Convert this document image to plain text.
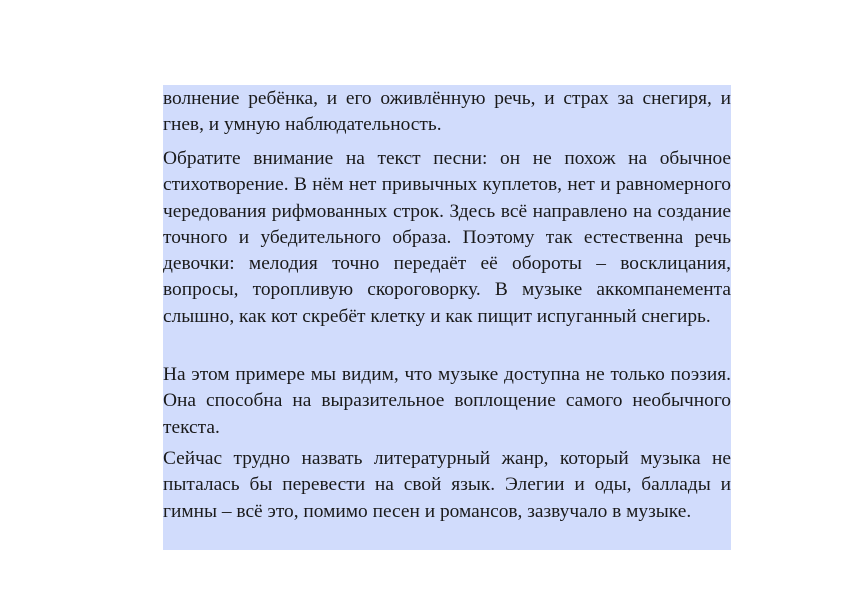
волнение ребёнка, и его оживлённую речь, и страх за снегиря, и гнев, и умную наблюдательность.

Обратите внимание на текст песни: он не похож на обычное стихотворение. В нём нет привычных куплетов, нет и равномерного чередования рифмованных строк. Здесь всё направлено на создание точного и убедительного образа. Поэтому так естественна речь девочки: мелодия точно передаёт её обороты – восклицания, вопросы, торопливую скороговорку. В музыке аккомпанемента слышно, как кот скребёт клетку и как пищит испуганный снегирь.

На этом примере мы видим, что музыке доступна не только поэзия. Она способна на выразительное воплощение самого необычного текста.

Сейчас трудно назвать литературный жанр, который музыка не пыталась бы перевести на свой язык. Элегии и оды, баллады и гимны – всё это, помимо песен и романсов, зазвучало в музыке.
